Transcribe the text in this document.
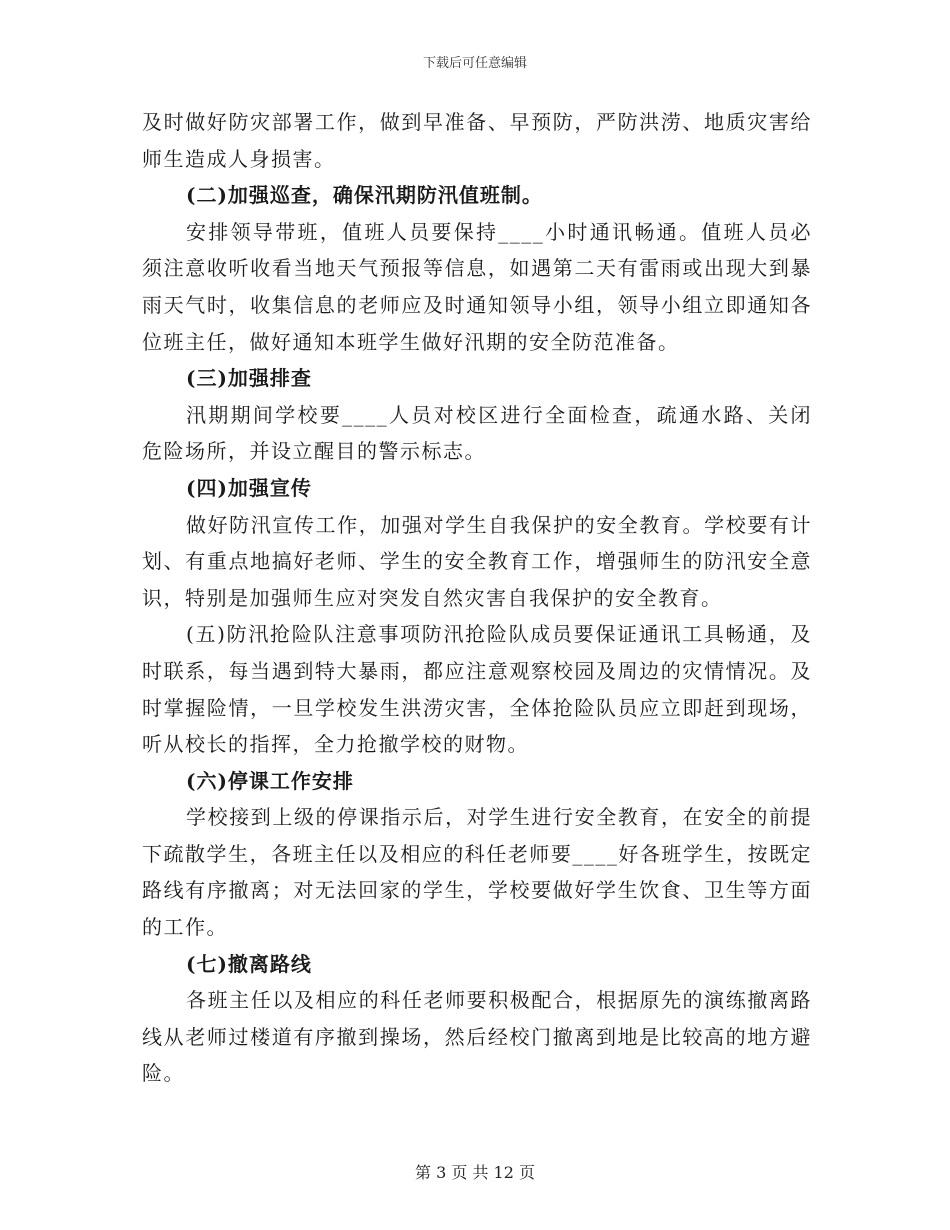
下载后可任意编辑

及时做好防灾部署工作，做到早准备、早预防，严防洪涝、地质灾害给师生造成人身损害。

(二)加强巡查，确保汛期防汛值班制。

安排领导带班，值班人员要保持____小时通讯畅通。值班人员必须注意收听收看当地天气预报等信息，如遇第二天有雷雨或出现大到暴雨天气时，收集信息的老师应及时通知领导小组，领导小组立即通知各位班主任，做好通知本班学生做好汛期的安全防范准备。

(三)加强排查

汛期期间学校要____人员对校区进行全面检查，疏通水路、关闭危险场所，并设立醒目的警示标志。

(四)加强宣传

做好防汛宣传工作，加强对学生自我保护的安全教育。学校要有计划、有重点地搞好老师、学生的安全教育工作，增强师生的防汛安全意识，特别是加强师生应对突发自然灾害自我保护的安全教育。

(五)防汛抢险队注意事项防汛抢险队成员要保证通讯工具畅通，及时联系，每当遇到特大暴雨，都应注意观察校园及周边的灾情情况。及时掌握险情，一旦学校发生洪涝灾害，全体抢险队员应立即赶到现场，听从校长的指挥，全力抢撤学校的财物。

(六)停课工作安排

学校接到上级的停课指示后，对学生进行安全教育，在安全的前提下疏散学生，各班主任以及相应的科任老师要____好各班学生，按既定路线有序撤离；对无法回家的学生，学校要做好学生饮食、卫生等方面的工作。

(七)撤离路线

各班主任以及相应的科任老师要积极配合，根据原先的演练撤离路线从老师过楼道有序撤到操场，然后经校门撤离到地是比较高的地方避险。

第 3 页 共 12 页
